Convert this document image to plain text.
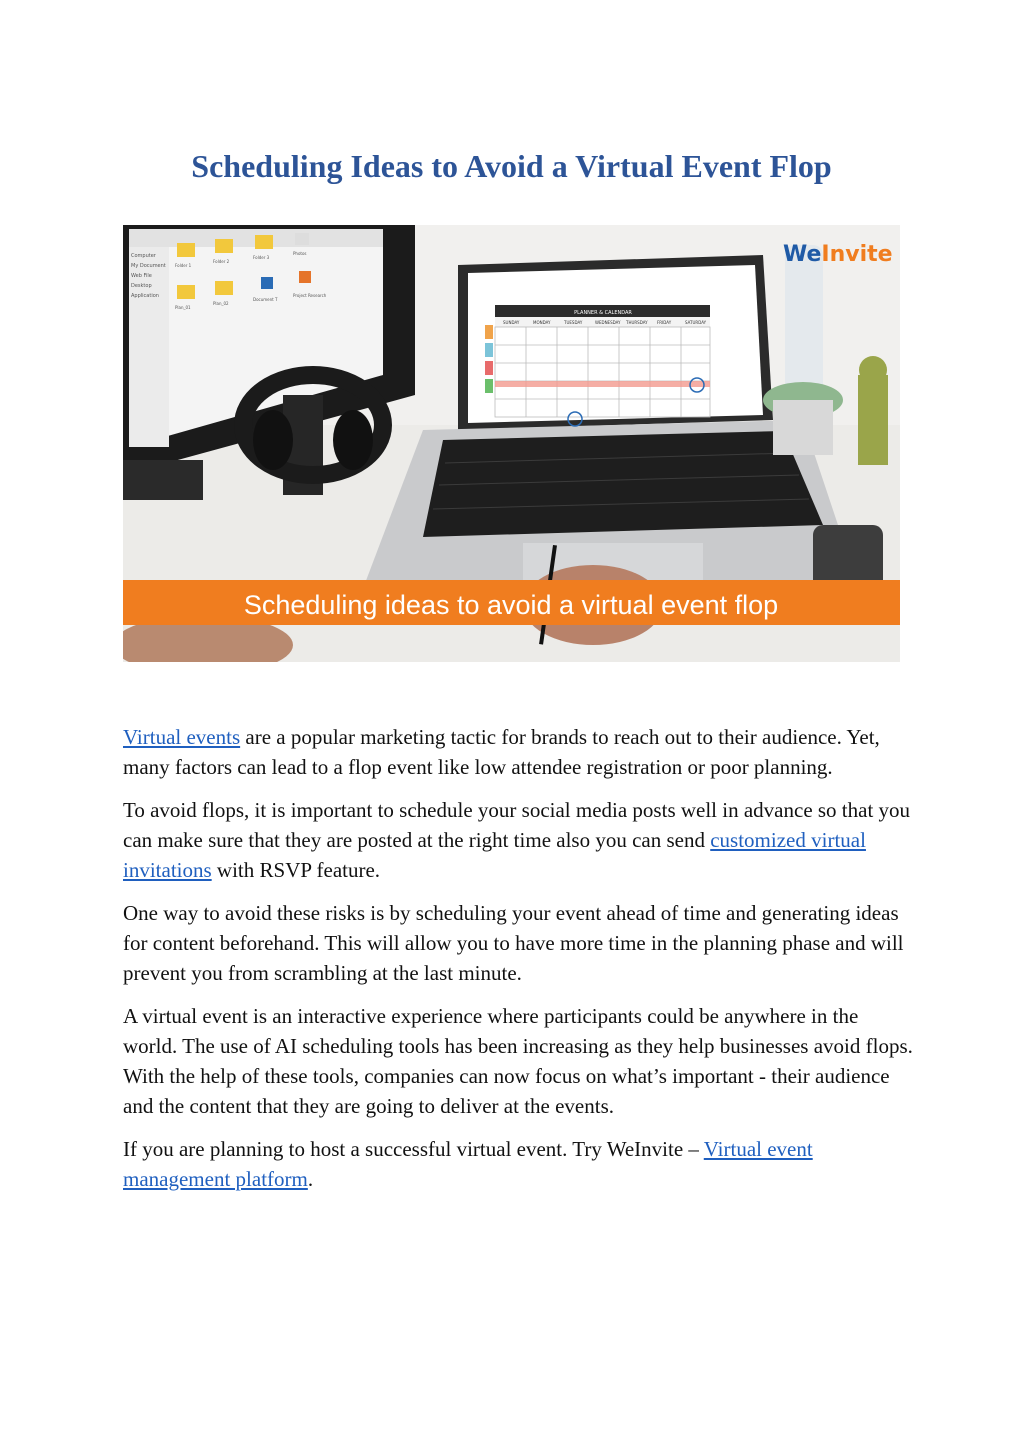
Scheduling Ideas to Avoid a Virtual Event Flop
Computer
My Document
Web File
Desktop
Application
Folder 1
Folder 2
Folder 3
Photos
Plan_01
Plan_02
Document T
Project Research
PLANNER & CALENDAR
SUNDAY	MONDAY	TUESDAY	WEDNESDAY THURSDAY FRIDAY	SATURDAY
WeInvite
Scheduling ideas to avoid a virtual event flop

Virtual events are a popular marketing tactic for brands to reach out to their audience. Yet, many factors can lead to a flop event like low attendee registration or poor planning.

To avoid flops, it is important to schedule your social media posts well in advance so that you can make sure that they are posted at the right time also you can send customized virtual invitations with RSVP feature.

One way to avoid these risks is by scheduling your event ahead of time and generating ideas for content beforehand. This will allow you to have more time in the planning phase and will prevent you from scrambling at the last minute.

A virtual event is an interactive experience where participants could be anywhere in the world. The use of AI scheduling tools has been increasing as they help businesses avoid flops. With the help of these tools, companies can now focus on what’s important - their audience and the content that they are going to deliver at the events.

If you are planning to host a successful virtual event. Try WeInvite – Virtual event management platform.
